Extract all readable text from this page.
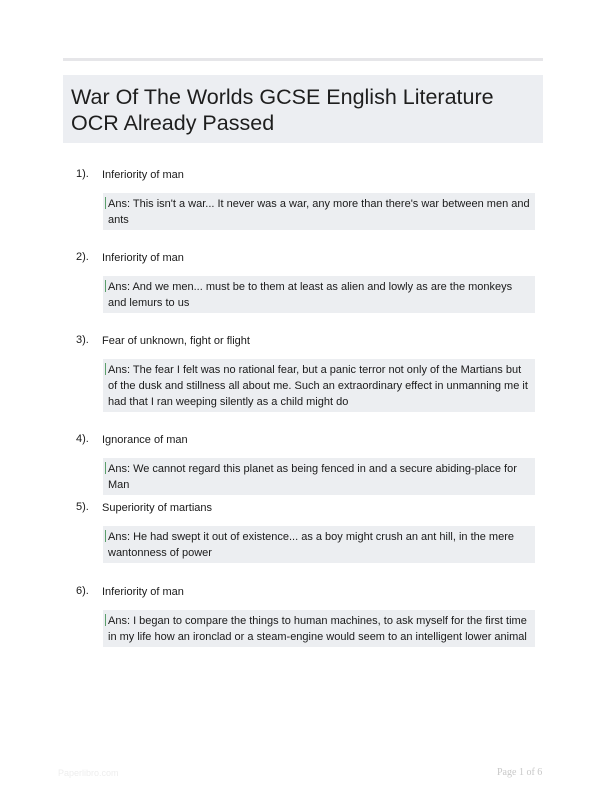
War Of The Worlds GCSE English Literature OCR Already Passed
1). Inferiority of man
Ans: This isn't a war... It never was a war, any more than there's war between men and ants
2). Inferiority of man
Ans: And we men... must be to them at least as alien and lowly as are the monkeys and lemurs to us
3). Fear of unknown, fight or flight
Ans: The fear I felt was no rational fear, but a panic terror not only of the Martians but of the dusk and stillness all about me. Such an extraordinary effect in unmanning me it had that I ran weeping silently as a child might do
4). Ignorance of man
Ans: We cannot regard this planet as being fenced in and a secure abiding-place for Man
5). Superiority of martians
Ans: He had swept it out of existence... as a boy might crush an ant hill, in the mere wantonness of power
6). Inferiority of man
Ans: I began to compare the things to human machines, to ask myself for the first time in my life how an ironclad or a steam-engine would seem to an intelligent lower animal
Paperlibro.com	Page 1 of 6
